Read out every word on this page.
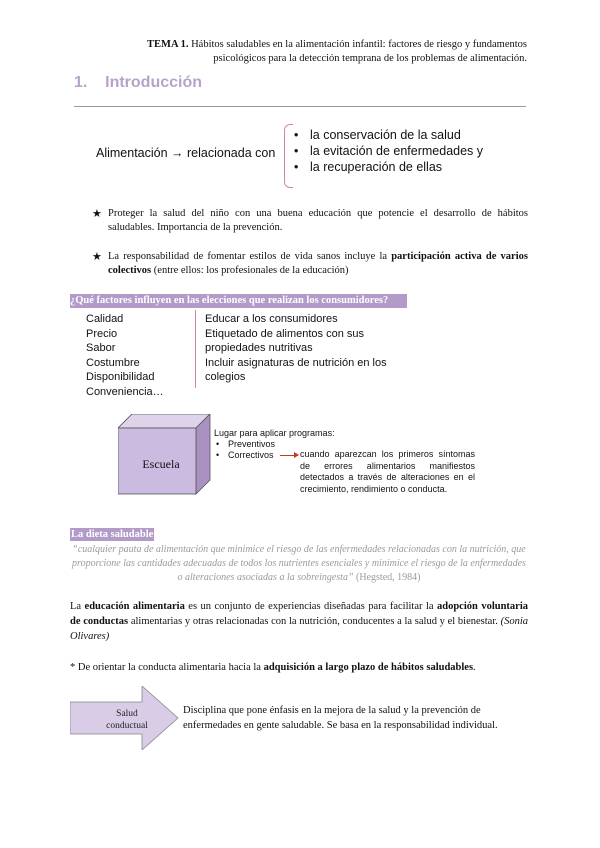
TEMA 1. Hábitos saludables en la alimentación infantil: factores de riesgo y fundamentos
psicológicos para la detección temprana de los problemas de alimentación.
1. Introducción
Alimentación → relacionada con
• la conservación de la salud
• la evitación de enfermedades y
• la recuperación de ellas
★ Proteger la salud del niño con una buena educación que potencie el desarrollo de hábitos saludables. Importancia de la prevención.
★ La responsabilidad de fomentar estilos de vida sanos incluye la participación activa de varios colectivos (entre ellos: los profesionales de la educación)
¿Qué factores influyen en las elecciones que realizan los consumidores?
Calidad
Precio
Sabor
Costumbre
Disponibilidad
Conveniencia…
Educar a los consumidores
Etiquetado de alimentos con sus
propiedades nutritivas
Incluir asignaturas de nutrición en los
colegios
Escuela
Lugar para aplicar programas:
• Preventivos
• Correctivos	cuando aparezcan los primeros síntomas de errores alimentarios manifiestos detectados a través de alteraciones en el crecimiento, rendimiento o conducta.
La dieta saludable
“cualquier pauta de alimentación que minimice el riesgo de las enfermedades relacionadas con la nutrición, que proporcione las cantidades adecuadas de todos los nutrientes esenciales y minimice el riesgo de la enfermedades o alteraciones asociadas a la sobreingesta” (Hegsted, 1984)
La educación alimentaria es un conjunto de experiencias diseñadas para facilitar la adopción voluntaria de conductas alimentarias y otras relacionadas con la nutrición, conducentes a la salud y el bienestar. (Sonia Olivares)
* De orientar la conducta alimentaria hacia la adquisición a largo plazo de hábitos saludables.
Salud
conductual
Disciplina que pone énfasis en la mejora de la salud y la prevención de enfermedades en gente saludable. Se basa en la responsabilidad individual.
